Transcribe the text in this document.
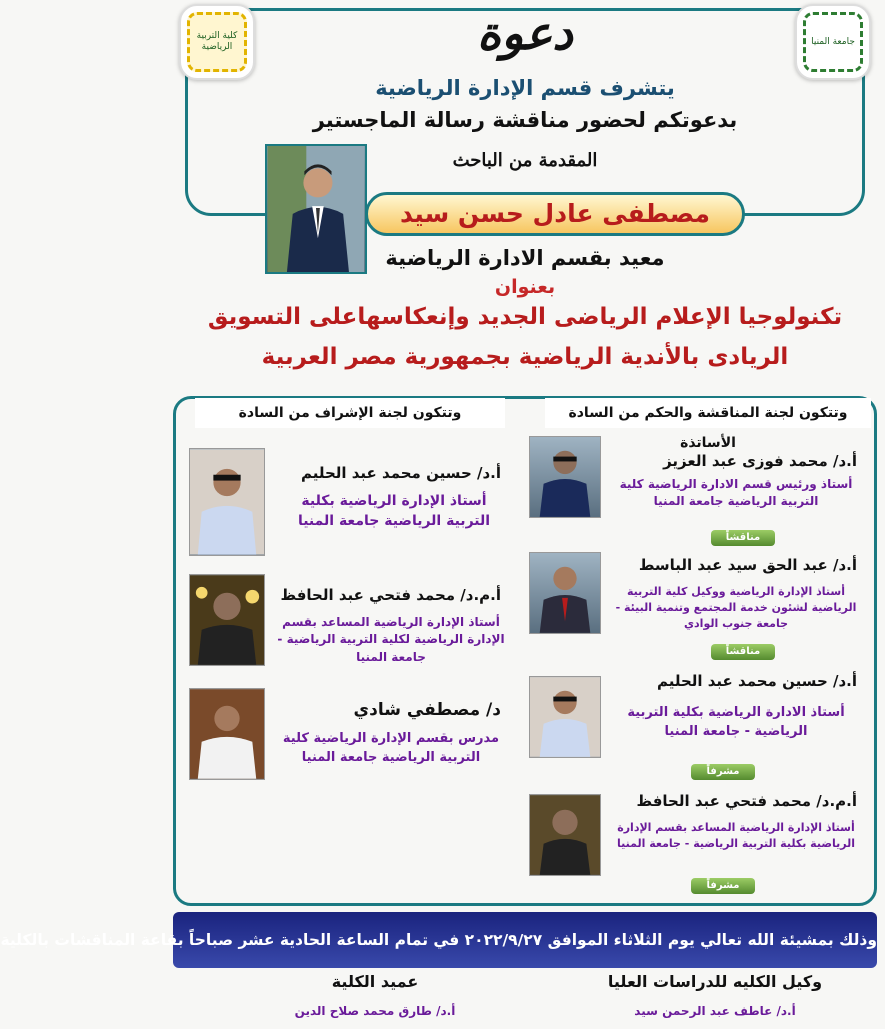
كلية التربية الرياضية
جامعة المنيا
دعوة
يتشرف قسم الإدارة الرياضية
بدعوتكم لحضور مناقشة رسالة الماجستير
المقدمة من الباحث
مصطفى عادل حسن سيد
معيد بقسم الادارة الرياضية
بعنوان
تكنولوجيا الإعلام الرياضى الجديد وإنعكاسهاعلى التسويق
الريادى بالأندية الرياضية بجمهورية مصر العربية
وتتكون لجنة المناقشة والحكم من السادة الأساتذة
وتتكون لجنة الإشراف من السادة
أ.د/ محمد فوزى عبد العزيز
أستاذ ورئيس قسم الادارة الرياضية كلية التربية الرياضية جامعة المنيا
مناقشاً
أ.د/ عبد الحق سيد عبد الباسط
أستاذ الإدارة الرياضية ووكيل كلية التربية الرياضية لشئون خدمة المجتمع وتنمية البيئة - جامعة جنوب الوادي
مناقشاً
أ.د/ حسين محمد عبد الحليم
أستاذ الادارة الرياضية بكلية التربية الرياضية - جامعة المنيا
مشرفاً
أ.م.د/ محمد فتحي عبد الحافظ
أستاذ الإدارة الرياضية المساعد بقسم الإدارة الرياضية بكلية التربية الرياضية - جامعة المنيا
مشرفاً
أ.د/ حسين محمد عبد الحليم
أستاذ الإدارة الرياضية بكلية التربية الرياضية جامعة المنيا
أ.م.د/ محمد فتحي عبد الحافظ
أستاذ الإدارة الرياضية المساعد بقسم الإدارة الرياضية لكلية التربية الرياضية - جامعة المنيا
د/ مصطفي شادي
مدرس بقسم الإدارة الرياضية كلية التربية الرياضية جامعة المنيا
وذلك بمشيئة الله تعالي يوم الثلاثاء الموافق ٢٠٢٢/٩/٢٧ في تمام الساعة الحادية عشر صباحاً بقاعة المناقشات بالكلية
وكيل الكليه للدراسات العليا
أ.د/ عاطف عبد الرحمن سيد
عميد الكلية
أ.د/ طارق محمد صلاح الدين
